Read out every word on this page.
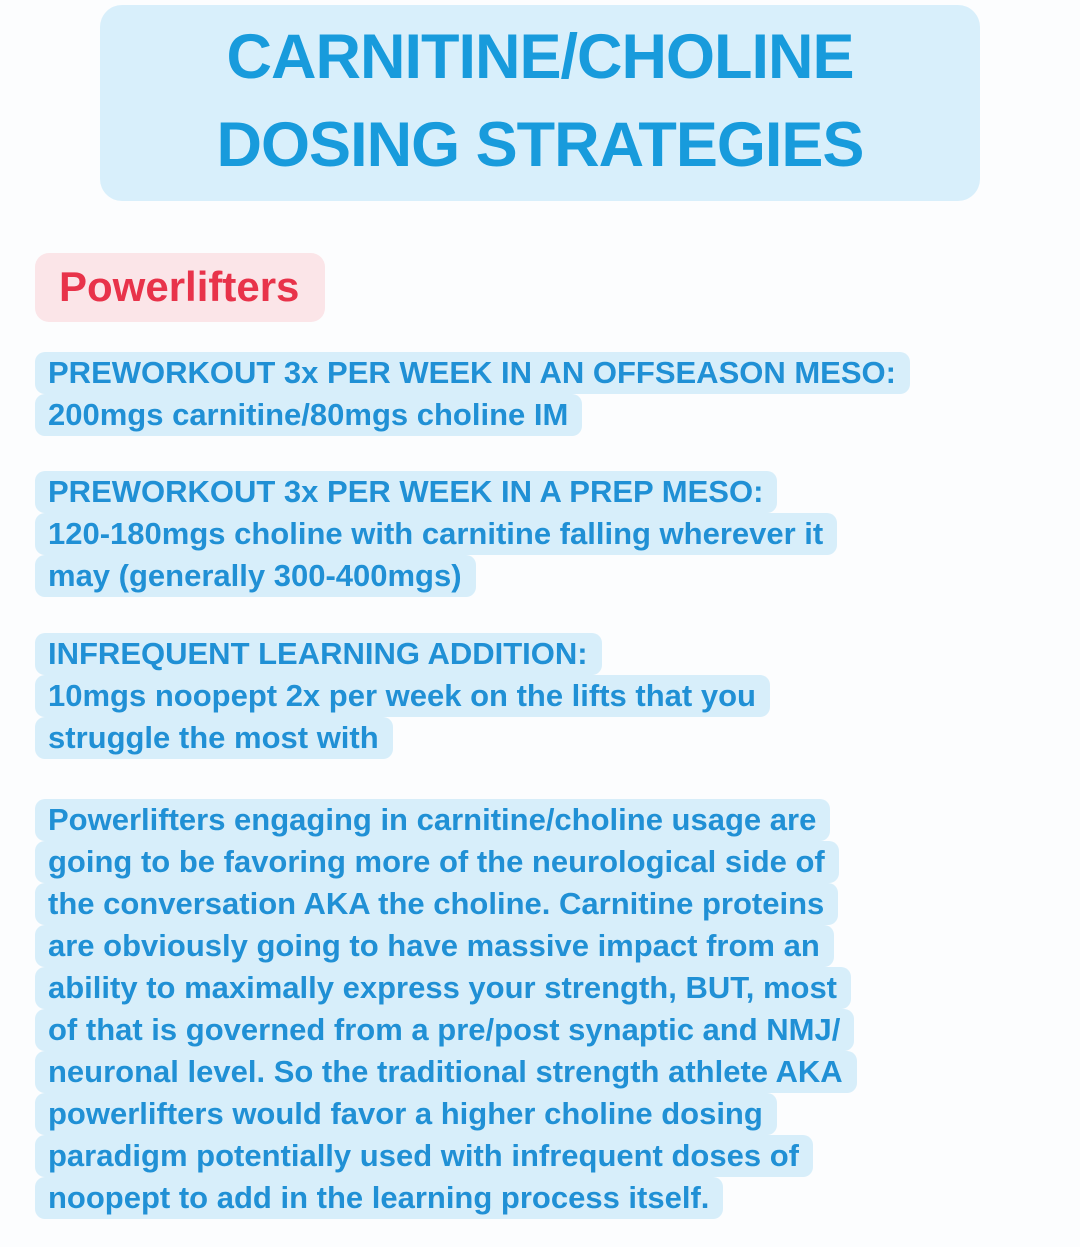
CARNITINE/CHOLINE
DOSING STRATEGIES
Powerlifters
PREWORKOUT 3x PER WEEK IN AN OFFSEASON MESO:
200mgs carnitine/80mgs choline IM
PREWORKOUT 3x PER WEEK IN A PREP MESO:
120-180mgs choline with carnitine falling wherever it
may (generally 300-400mgs)
INFREQUENT LEARNING ADDITION:
10mgs noopept 2x per week on the lifts that you
struggle the most with
Powerlifters engaging in carnitine/choline usage are
going to be favoring more of the neurological side of
the conversation AKA the choline. Carnitine proteins
are obviously going to have massive impact from an
ability to maximally express your strength, BUT, most
of that is governed from a pre/post synaptic and NMJ/
neuronal level. So the traditional strength athlete AKA
powerlifters would favor a higher choline dosing
paradigm potentially used with infrequent doses of
noopept to add in the learning process itself.
